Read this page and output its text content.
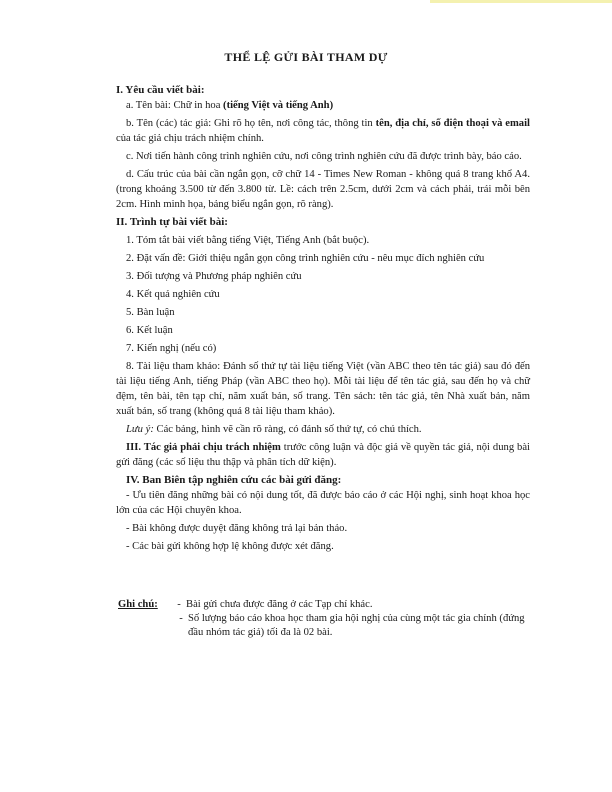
THỂ LỆ GỬI BÀI THAM DỰ

I. Yêu cầu viết bài:

a. Tên bài: Chữ in hoa (tiếng Việt và tiếng Anh)

b. Tên (các) tác giả: Ghi rõ họ tên, nơi công tác, thông tin tên, địa chỉ, số điện thoại và email của tác giả chịu trách nhiệm chính.

c. Nơi tiến hành công trình nghiên cứu, nơi công trình nghiên cứu đã được trình bày, báo cáo.

d. Cấu trúc của bài cần ngắn gọn, cỡ chữ 14 - Times New Roman - không quá 8 trang khổ A4. (trong khoảng 3.500 từ đến 3.800 từ. Lề: cách trên 2.5cm, dưới 2cm và cách phải, trái mỗi bên 2cm. Hình minh họa, bảng biểu ngắn gọn, rõ ràng).

II. Trình tự bài viết bài:

1. Tóm tắt bài viết bằng tiếng Việt, Tiếng Anh (bắt buộc).

2. Đặt vấn đề: Giới thiệu ngắn gọn công trình nghiên cứu - nêu mục đích nghiên cứu

3. Đối tượng và Phương pháp nghiên cứu

4. Kết quả nghiên cứu

5. Bàn luận

6. Kết luận

7. Kiến nghị (nếu có)

8. Tài liệu tham khảo: Đánh số thứ tự tài liệu tiếng Việt (vần ABC theo tên tác giả) sau đó đến tài liệu tiếng Anh, tiếng Pháp (vần ABC theo họ). Mỗi tài liệu để tên tác giả, sau đến họ và chữ đệm, tên bài, tên tạp chí, năm xuất bản, số trang. Tên sách: tên tác giả, tên Nhà xuất bản, năm xuất bản, số trang (không quá 8 tài liệu tham khảo).

Lưu ý: Các bảng, hình vẽ cần rõ ràng, có đánh số thứ tự, có chú thích.

III. Tác giả phải chịu trách nhiệm trước công luận và độc giả về quyền tác giả, nội dung bài gửi đăng (các số liệu thu thập và phân tích dữ kiện).

IV. Ban Biên tập nghiên cứu các bài gửi đăng:

- Ưu tiên đăng những bài có nội dung tốt, đã được báo cáo ở các Hội nghị, sinh hoạt khoa học lớn của các Hội chuyên khoa.

- Bài không được duyệt đăng không trả lại bản thảo.

- Các bài gửi không hợp lệ không được xét đăng.

Ghi chú:	- Bài gửi chưa được đăng ở các Tạp chí khác.
- Số lượng báo cáo khoa học tham gia hội nghị của cùng một tác gia chính (đứng đầu nhóm tác giả) tối đa là 02 bài.
